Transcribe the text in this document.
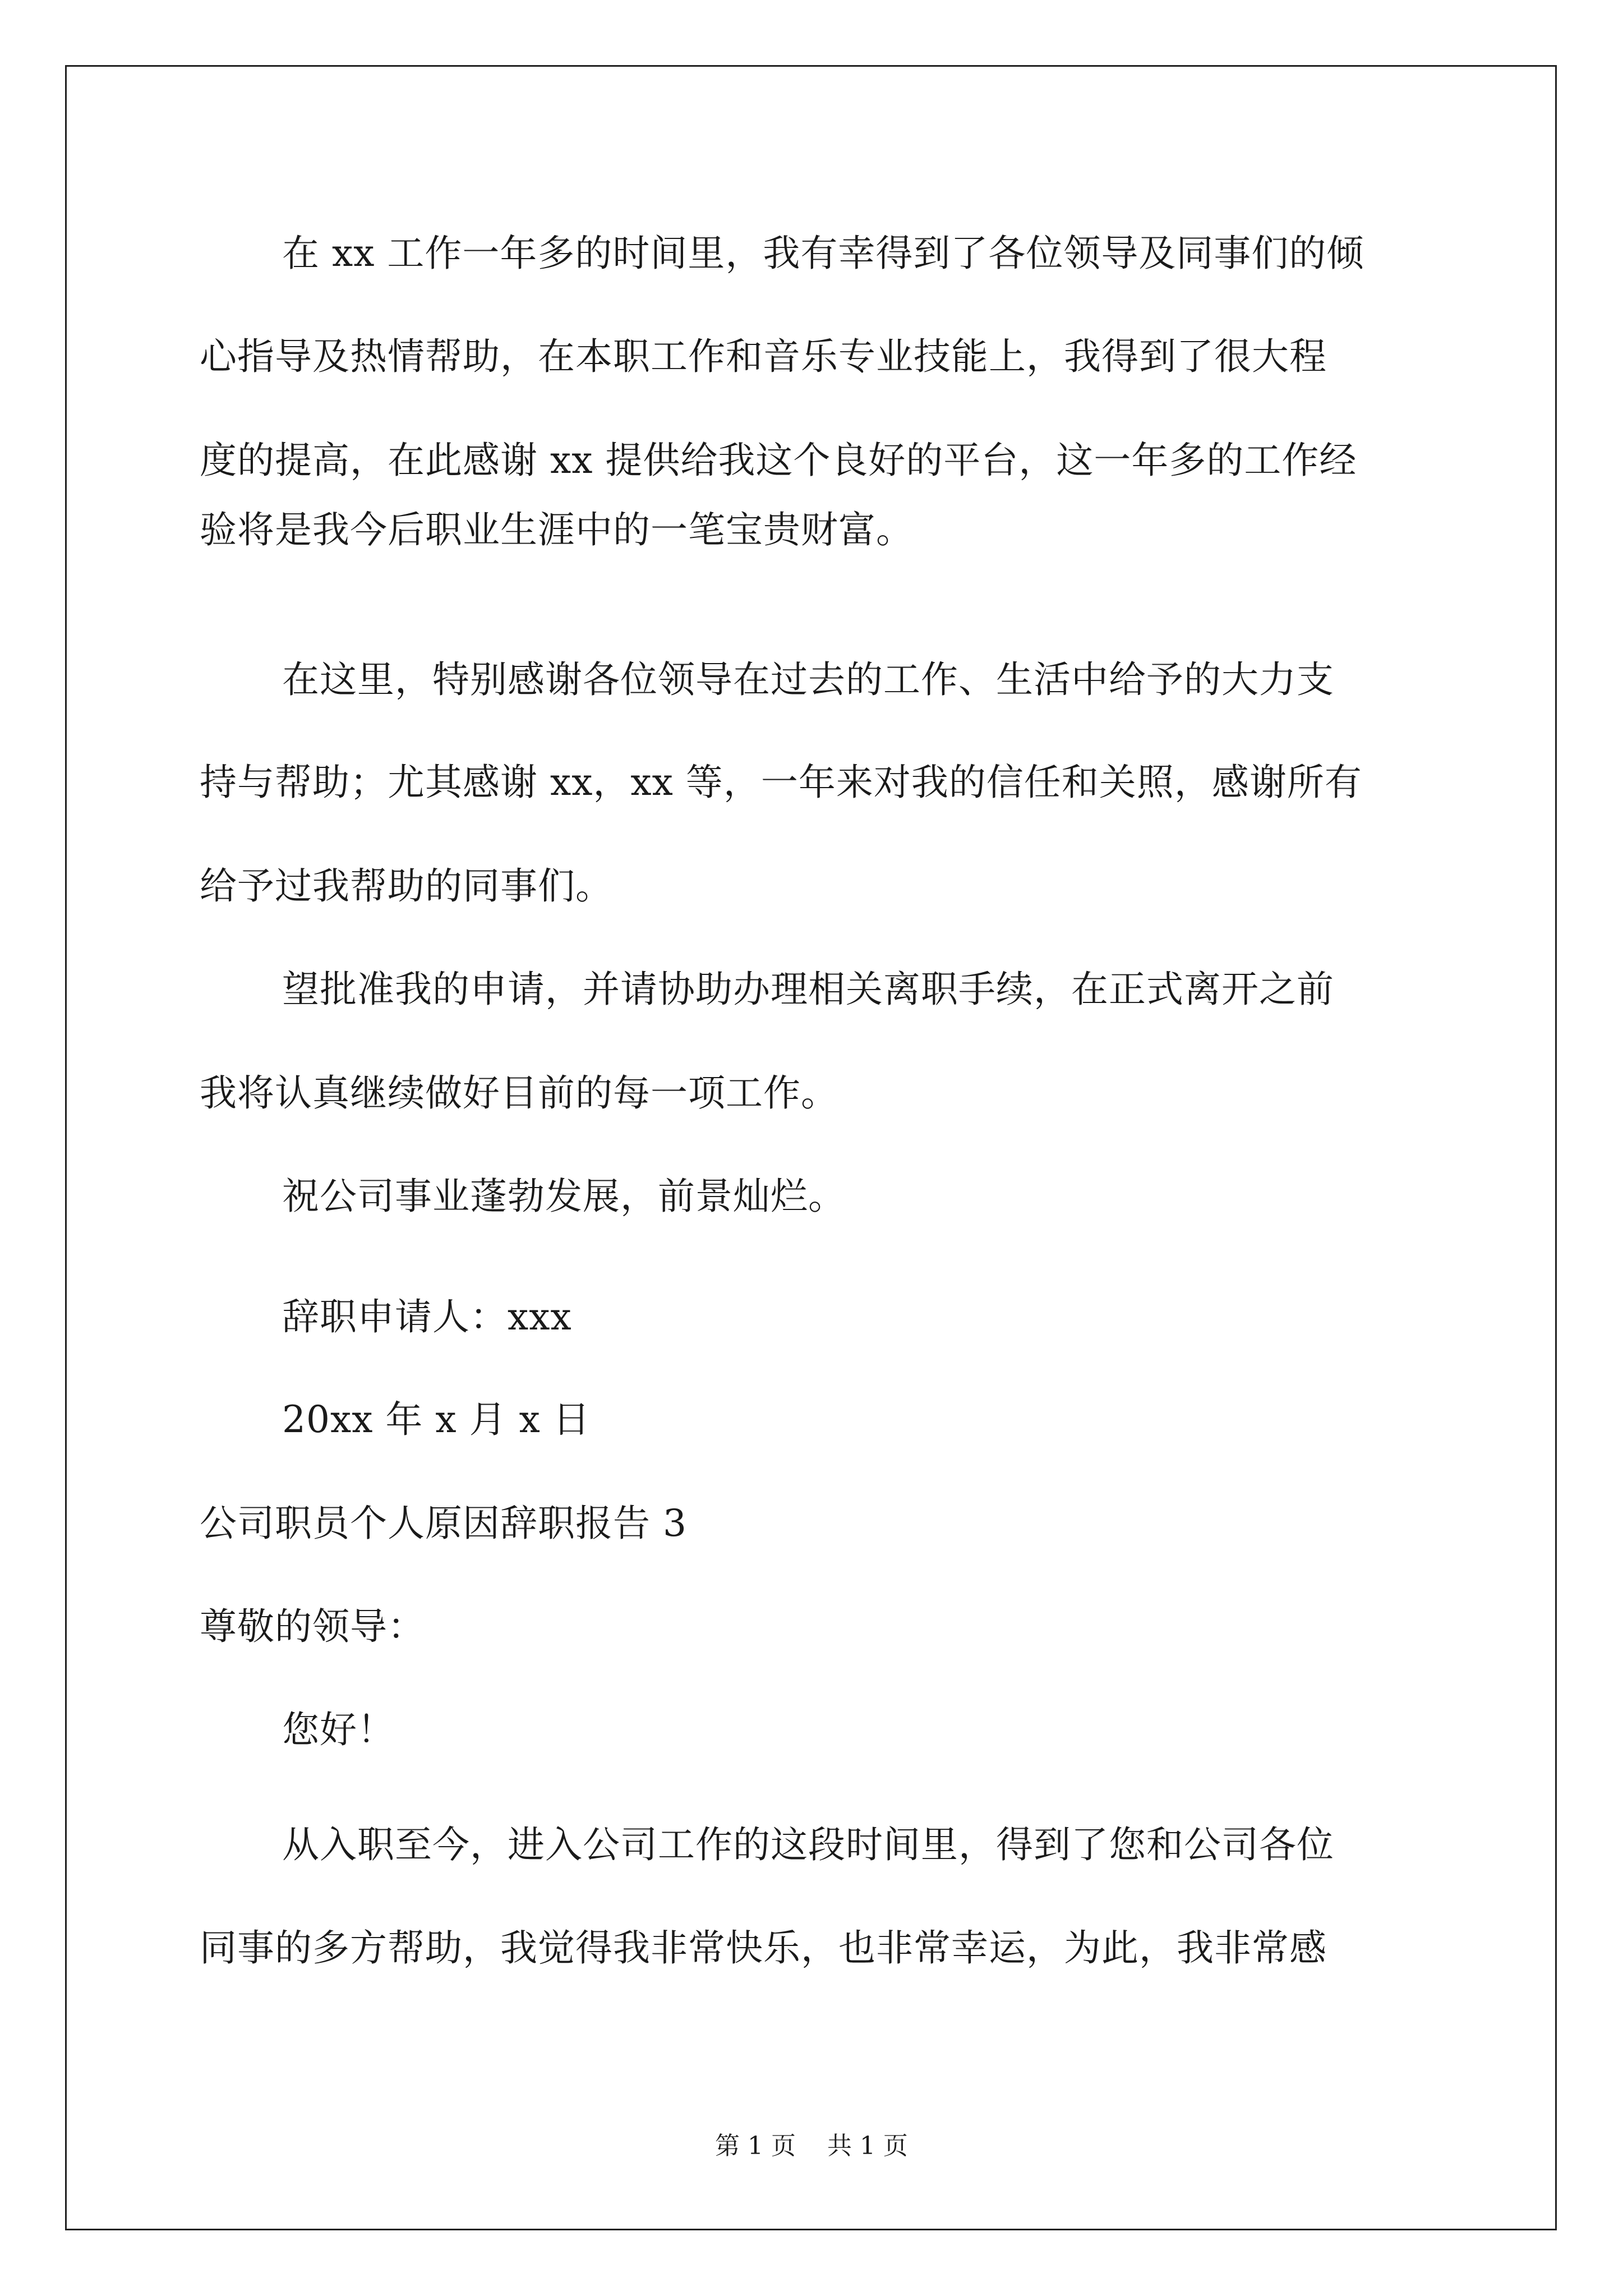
在 xx 工作一年多的时间里，我有幸得到了各位领导及同事们的倾
心指导及热情帮助，在本职工作和音乐专业技能上，我得到了很大程
度的提高，在此感谢 xx 提供给我这个良好的平台，这一年多的工作经
验将是我今后职业生涯中的一笔宝贵财富。
在这里，特别感谢各位领导在过去的工作、生活中给予的大力支
持与帮助；尤其感谢 xx，xx 等，一年来对我的信任和关照，感谢所有
给予过我帮助的同事们。
望批准我的申请，并请协助办理相关离职手续，在正式离开之前
我将认真继续做好目前的每一项工作。
祝公司事业蓬勃发展，前景灿烂。
辞职申请人：xxx
20xx 年 x 月 x 日
公司职员个人原因辞职报告 3
尊敬的领导：
您好！
从入职至今，进入公司工作的这段时间里，得到了您和公司各位
同事的多方帮助，我觉得我非常快乐，也非常幸运，为此，我非常感
第 1 页    共 1 页
